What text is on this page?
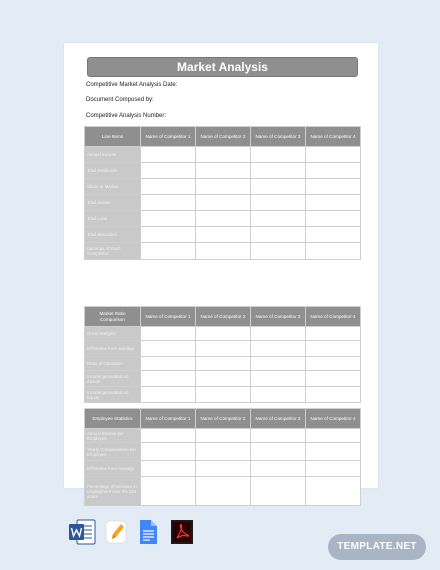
Market Analysis
Competitive Market Analysis Date:
Document Composed by:
Competitive Analysis Number:
Line Items	Name of Competitor 1	Name of Competitor 2	Name of Competitor 3	Name of Competitor 4
Annual Income				
Total Dividends				
Share in Market				
Total Assets				
Total Loan				
Total Securities				
Earnings of Each Competitor				
Market Ratio Comparison	Name of Competitor 1	Name of Competitor 2	Name of Competitor 3	Name of Competitor 4
Gross Margins				
Difference from average				
Ratio of Operation				
Income generated on Assets				
Income generated on Equity				
Employee Statistics	Name of Competitor 1	Name of Competitor 2	Name of Competitor 3	Name of Competitor 4
Annual Income per Employee				
Yearly Compensation per Employee				
Difference from Average				
Percentage of increase in employment over the last years				
TEMPLATE.NET
